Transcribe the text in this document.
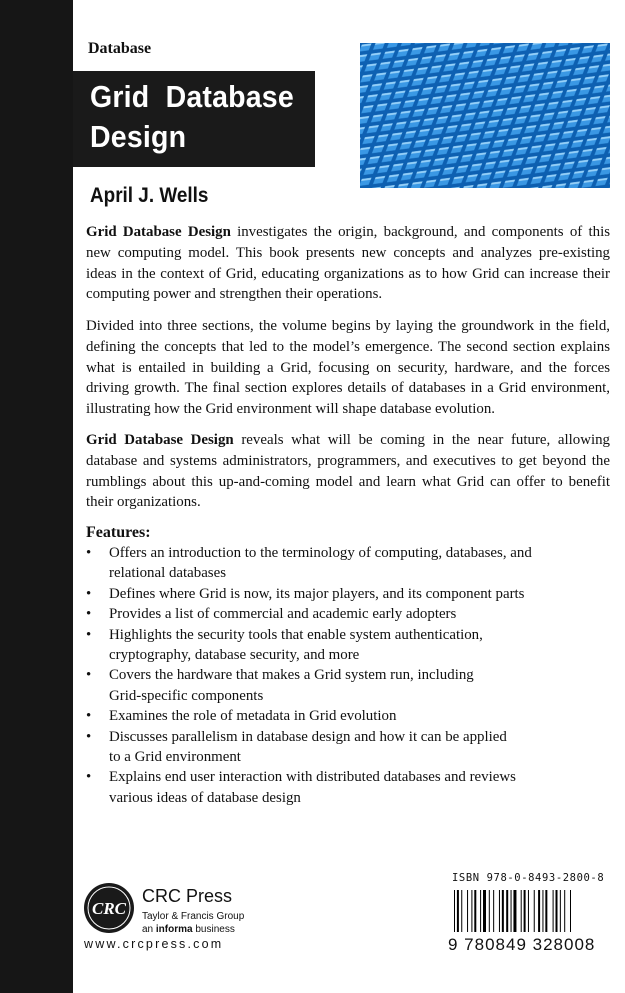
Database
Grid  Database
Design
April J. Wells
Grid Database Design investigates the origin, background, and components of this new computing model. This book presents new concepts and analyzes pre-existing ideas in the context of Grid, educating organizations as to how Grid can increase their computing power and strengthen their operations.
Divided into three sections, the volume begins by laying the groundwork in the field, defining the concepts that led to the model’s emergence. The second section explains what is entailed in building a Grid, focusing on security, hardware, and the forces driving growth. The final section explores details of databases in a Grid environment, illustrating how the Grid environment will shape database evolution.
Grid Database Design reveals what will be coming in the near future, allowing database and systems administrators, programmers, and executives to get beyond the rumblings about this up-and-coming model and learn what Grid can offer to benefit their organizations.
Features:
• Offers an introduction to the terminology of computing, databases, and
relational databases
• Defines where Grid is now, its major players, and its component parts
• Provides a list of commercial and academic early adopters
• Highlights the security tools that enable system authentication,
cryptography, database security, and more
• Covers the hardware that makes a Grid system run, including
Grid-specific components
• Examines the role of metadata in Grid evolution
• Discusses parallelism in database design and how it can be applied
to a Grid environment
• Explains end user interaction with distributed databases and reviews
various ideas of database design
CRC
CRC Press
Taylor & Francis Group
an informa business
www.crcpress.com
ISBN 978-0-8493-2800-8
9 780849 328008
